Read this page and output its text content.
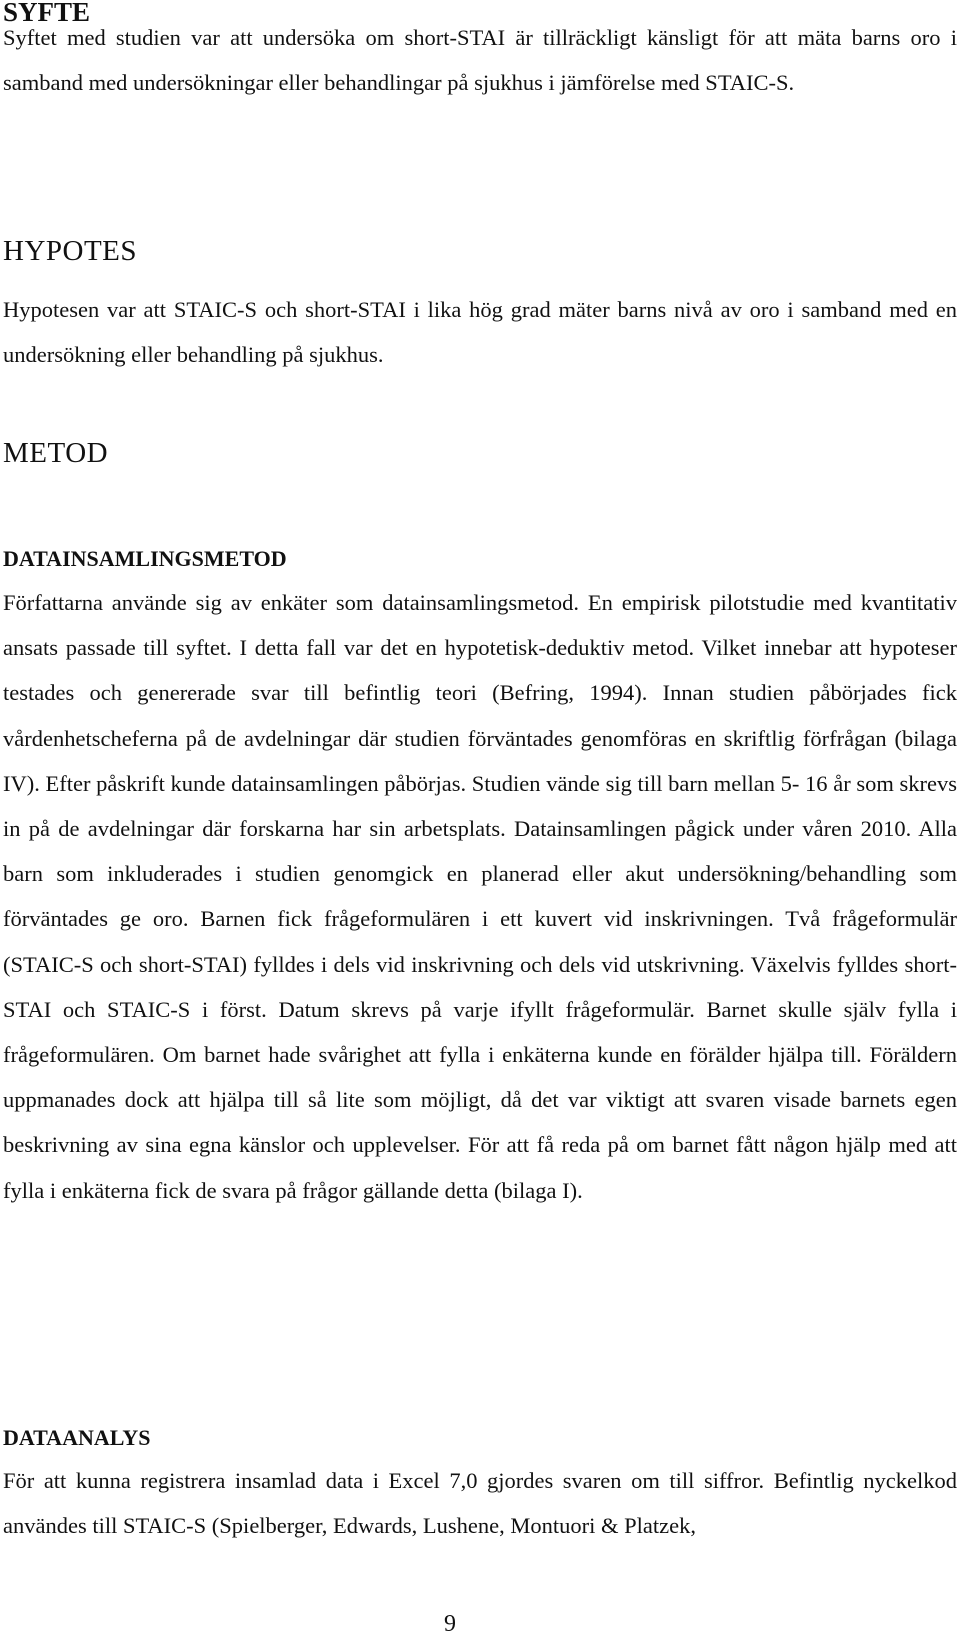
SYFTE

Syftet med studien var att undersöka om short-STAI är tillräckligt känsligt för att mäta barns oro i samband med undersökningar eller behandlingar på sjukhus i jämförelse med STAIC-S.

HYPOTES

Hypotesen var att STAIC-S och short-STAI i lika hög grad mäter barns nivå av oro i samband med en undersökning eller behandling på sjukhus.

METOD
DATAINSAMLINGSMETOD

Författarna använde sig av enkäter som datainsamlingsmetod. En empirisk pilotstudie med kvantitativ ansats passade till syftet. I detta fall var det en hypotetisk-deduktiv metod. Vilket innebar att hypoteser testades och genererade svar till befintlig teori (Befring, 1994). Innan studien påbörjades fick vårdenhetscheferna på de avdelningar där studien förväntades genomföras en skriftlig förfrågan (bilaga IV). Efter påskrift kunde datainsamlingen påbörjas. Studien vände sig till barn mellan 5- 16 år som skrevs in på de avdelningar där forskarna har sin arbetsplats. Datainsamlingen pågick under våren 2010. Alla barn som inkluderades i studien genomgick en planerad eller akut undersökning/behandling som förväntades ge oro. Barnen fick frågeformulären i ett kuvert vid inskrivningen. Två frågeformulär (STAIC-S och short-STAI) fylldes i dels vid inskrivning och dels vid utskrivning. Växelvis fylldes short-STAI och STAIC-S i först. Datum skrevs på varje ifyllt frågeformulär. Barnet skulle själv fylla i frågeformulären. Om barnet hade svårighet att fylla i enkäterna kunde en förälder hjälpa till. Föräldern uppmanades dock att hjälpa till så lite som möjligt, då det var viktigt att svaren visade barnets egen beskrivning av sina egna känslor och upplevelser. För att få reda på om barnet fått någon hjälp med att fylla i enkäterna fick de svara på frågor gällande detta (bilaga I).

DATAANALYS

För att kunna registrera insamlad data i Excel 7,0 gjordes svaren om till siffror. Befintlig nyckelkod användes till STAIC-S (Spielberger, Edwards, Lushene, Montuori & Platzek,

9
